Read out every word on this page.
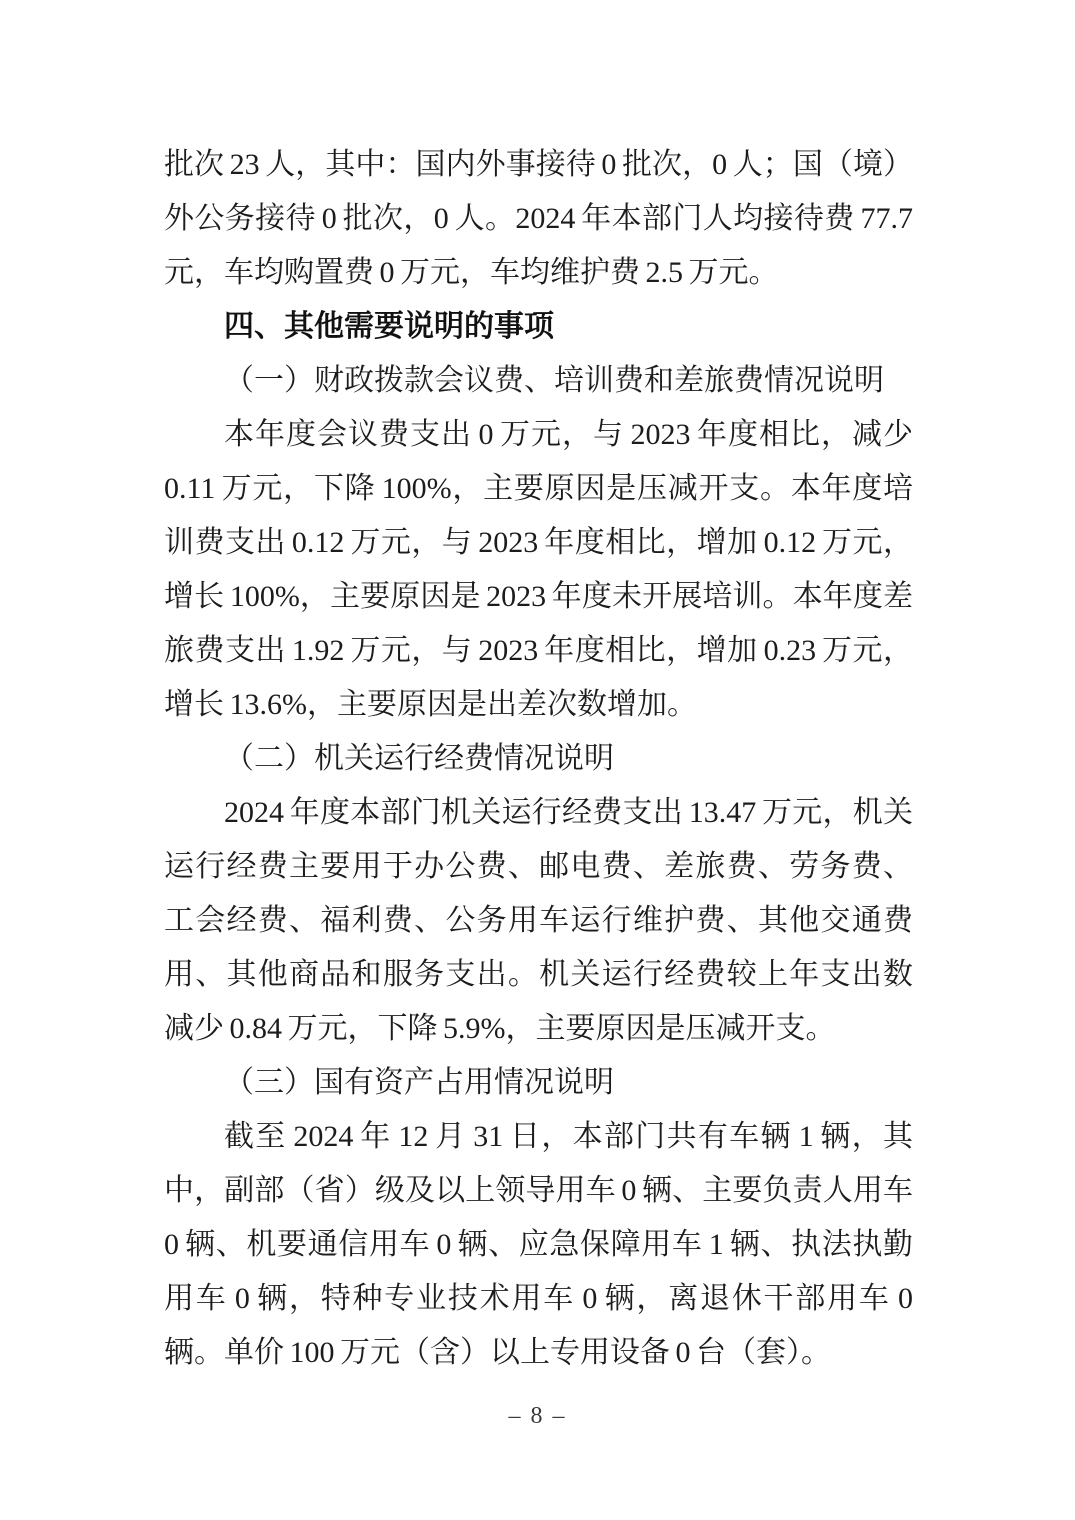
批次 23 人，其中：国内外事接待 0 批次，0 人；国（境）外公务接待 0 批次，0 人。2024 年本部门人均接待费 77.7 元，车均购置费 0 万元，车均维护费 2.5 万元。

四、其他需要说明的事项
（一）财政拨款会议费、培训费和差旅费情况说明

本年度会议费支出 0 万元，与 2023 年度相比，减少 0.11 万元，下降 100%，主要原因是压减开支。本年度培训费支出 0.12 万元，与 2023 年度相比，增加 0.12 万元，增长 100%，主要原因是 2023 年度未开展培训。本年度差旅费支出 1.92 万元，与 2023 年度相比，增加 0.23 万元，增长 13.6%，主要原因是出差次数增加。

（二）机关运行经费情况说明

2024 年度本部门机关运行经费支出 13.47 万元，机关运行经费主要用于办公费、邮电费、差旅费、劳务费、工会经费、福利费、公务用车运行维护费、其他交通费用、其他商品和服务支出。机关运行经费较上年支出数减少 0.84 万元，下降 5.9%，主要原因是压减开支。

（三）国有资产占用情况说明

截至 2024 年 12 月 31 日，本部门共有车辆 1 辆，其中，副部（省）级及以上领导用车 0 辆、主要负责人用车 0 辆、机要通信用车 0 辆、应急保障用车 1 辆、执法执勤用车 0 辆，特种专业技术用车 0 辆，离退休干部用车 0 辆。单价 100 万元（含）以上专用设备 0 台（套）。

– 8 –
